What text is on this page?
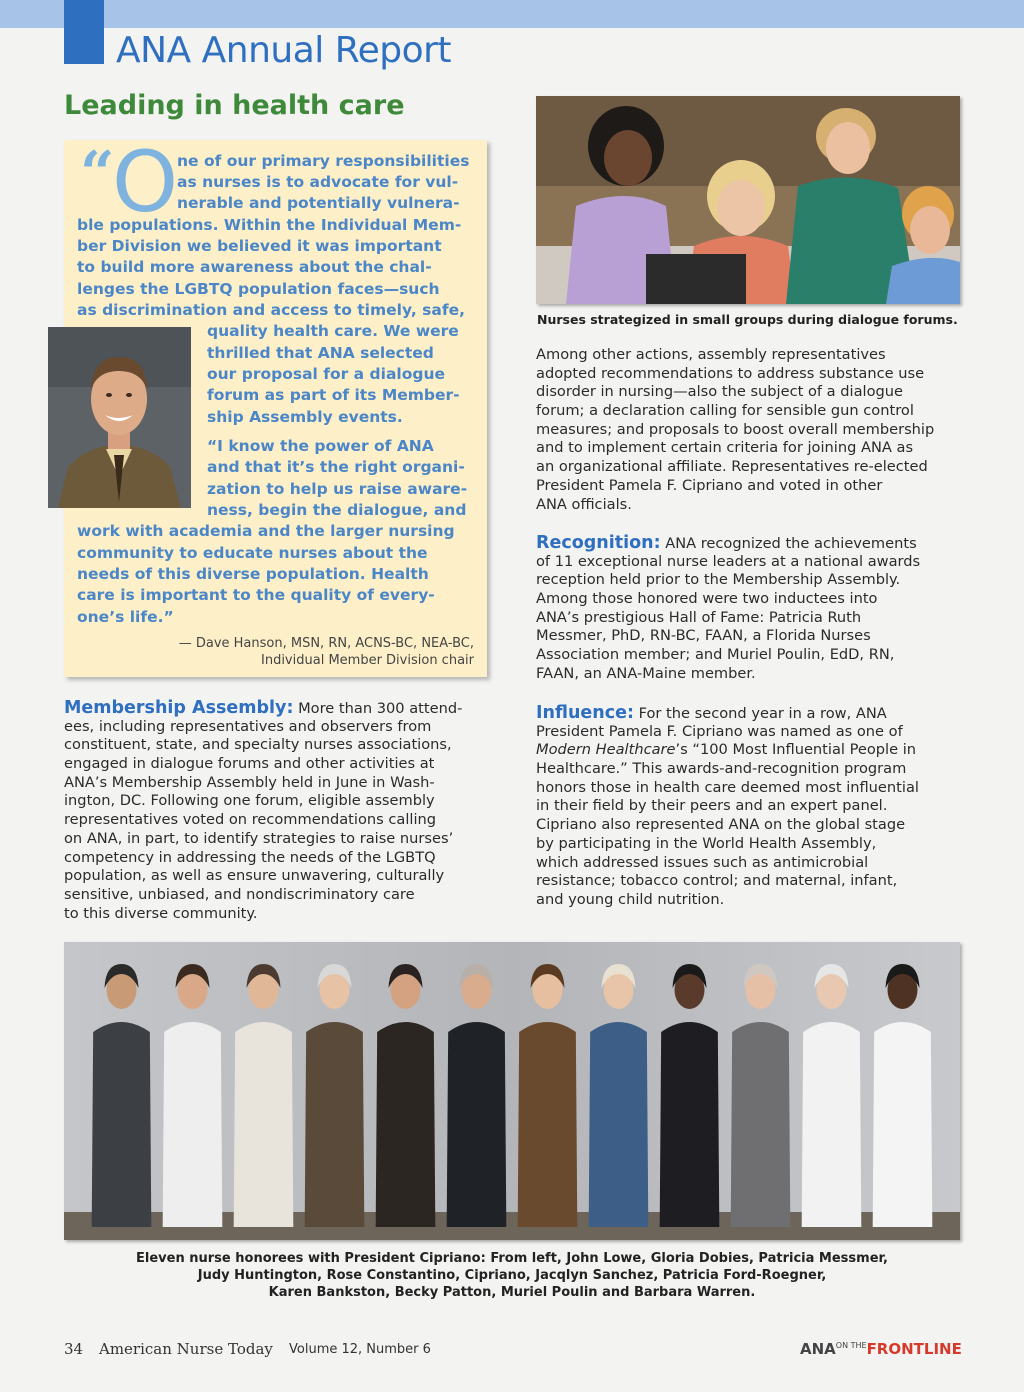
ANA Annual Report
Leading in health care
“
O
ne of our primary responsibilities
as nurses is to advocate for vul-
nerable and potentially vulnera-
ble populations. Within the Individual Mem-
ber Division we believed it was important
to build more awareness about the chal-
lenges the LGBTQ population faces—such
as discrimination and access to timely, safe,
quality health care. We were
thrilled that ANA selected
our proposal for a dialogue
forum as part of its Member-
ship Assembly events.
“I know the power of ANA
and that it’s the right organi-
zation to help us raise aware-
ness, begin the dialogue, and
work with academia and the larger nursing
community to educate nurses about the
needs of this diverse population. Health
care is important to the quality of every-
one’s life.”
— Dave Hanson, MSN, RN, ACNS-BC, NEA-BC,
Individual Member Division chair
Nurses strategized in small groups during dialogue forums.
Membership Assembly: More than 300 attend-
ees, including representatives and observers from
constituent, state, and specialty nurses associations,
engaged in dialogue forums and other activities at
ANA’s Membership Assembly held in June in Wash-
ington, DC. Following one forum, eligible assembly
representatives voted on recommendations calling
on ANA, in part, to identify strategies to raise nurses’
competency in addressing the needs of the LGBTQ
population, as well as ensure unwavering, culturally
sensitive, unbiased, and nondiscriminatory care
to this diverse community.
Among other actions, assembly representatives
adopted recommendations to address substance use
disorder in nursing—also the subject of a dialogue
forum; a declaration calling for sensible gun control
measures; and proposals to boost overall membership
and to implement certain criteria for joining ANA as
an organizational affiliate. Representatives re-elected
President Pamela F. Cipriano and voted in other
ANA officials.
Recognition: ANA recognized the achievements
of 11 exceptional nurse leaders at a national awards
reception held prior to the Membership Assembly.
Among those honored were two inductees into
ANA’s prestigious Hall of Fame: Patricia Ruth
Messmer, PhD, RN-BC, FAAN, a Florida Nurses
Association member; and Muriel Poulin, EdD, RN,
FAAN, an ANA-Maine member.
Influence: For the second year in a row, ANA
President Pamela F. Cipriano was named as one of
Modern Healthcare’s “100 Most Influential People in
Healthcare.” This awards-and-recognition program
honors those in health care deemed most influential
in their field by their peers and an expert panel.
Cipriano also represented ANA on the global stage
by participating in the World Health Assembly,
which addressed issues such as antimicrobial
resistance; tobacco control; and maternal, infant,
and young child nutrition.
Eleven nurse honorees with President Cipriano: From left, John Lowe, Gloria Dobies, Patricia Messmer,
Judy Huntington, Rose Constantino, Cipriano, Jacqlyn Sanchez, Patricia Ford-Roegner,
Karen Bankston, Becky Patton, Muriel Poulin and Barbara Warren.
34 American Nurse Today Volume 12, Number 6	$ANA^{ON THE}FRONTLINE$
